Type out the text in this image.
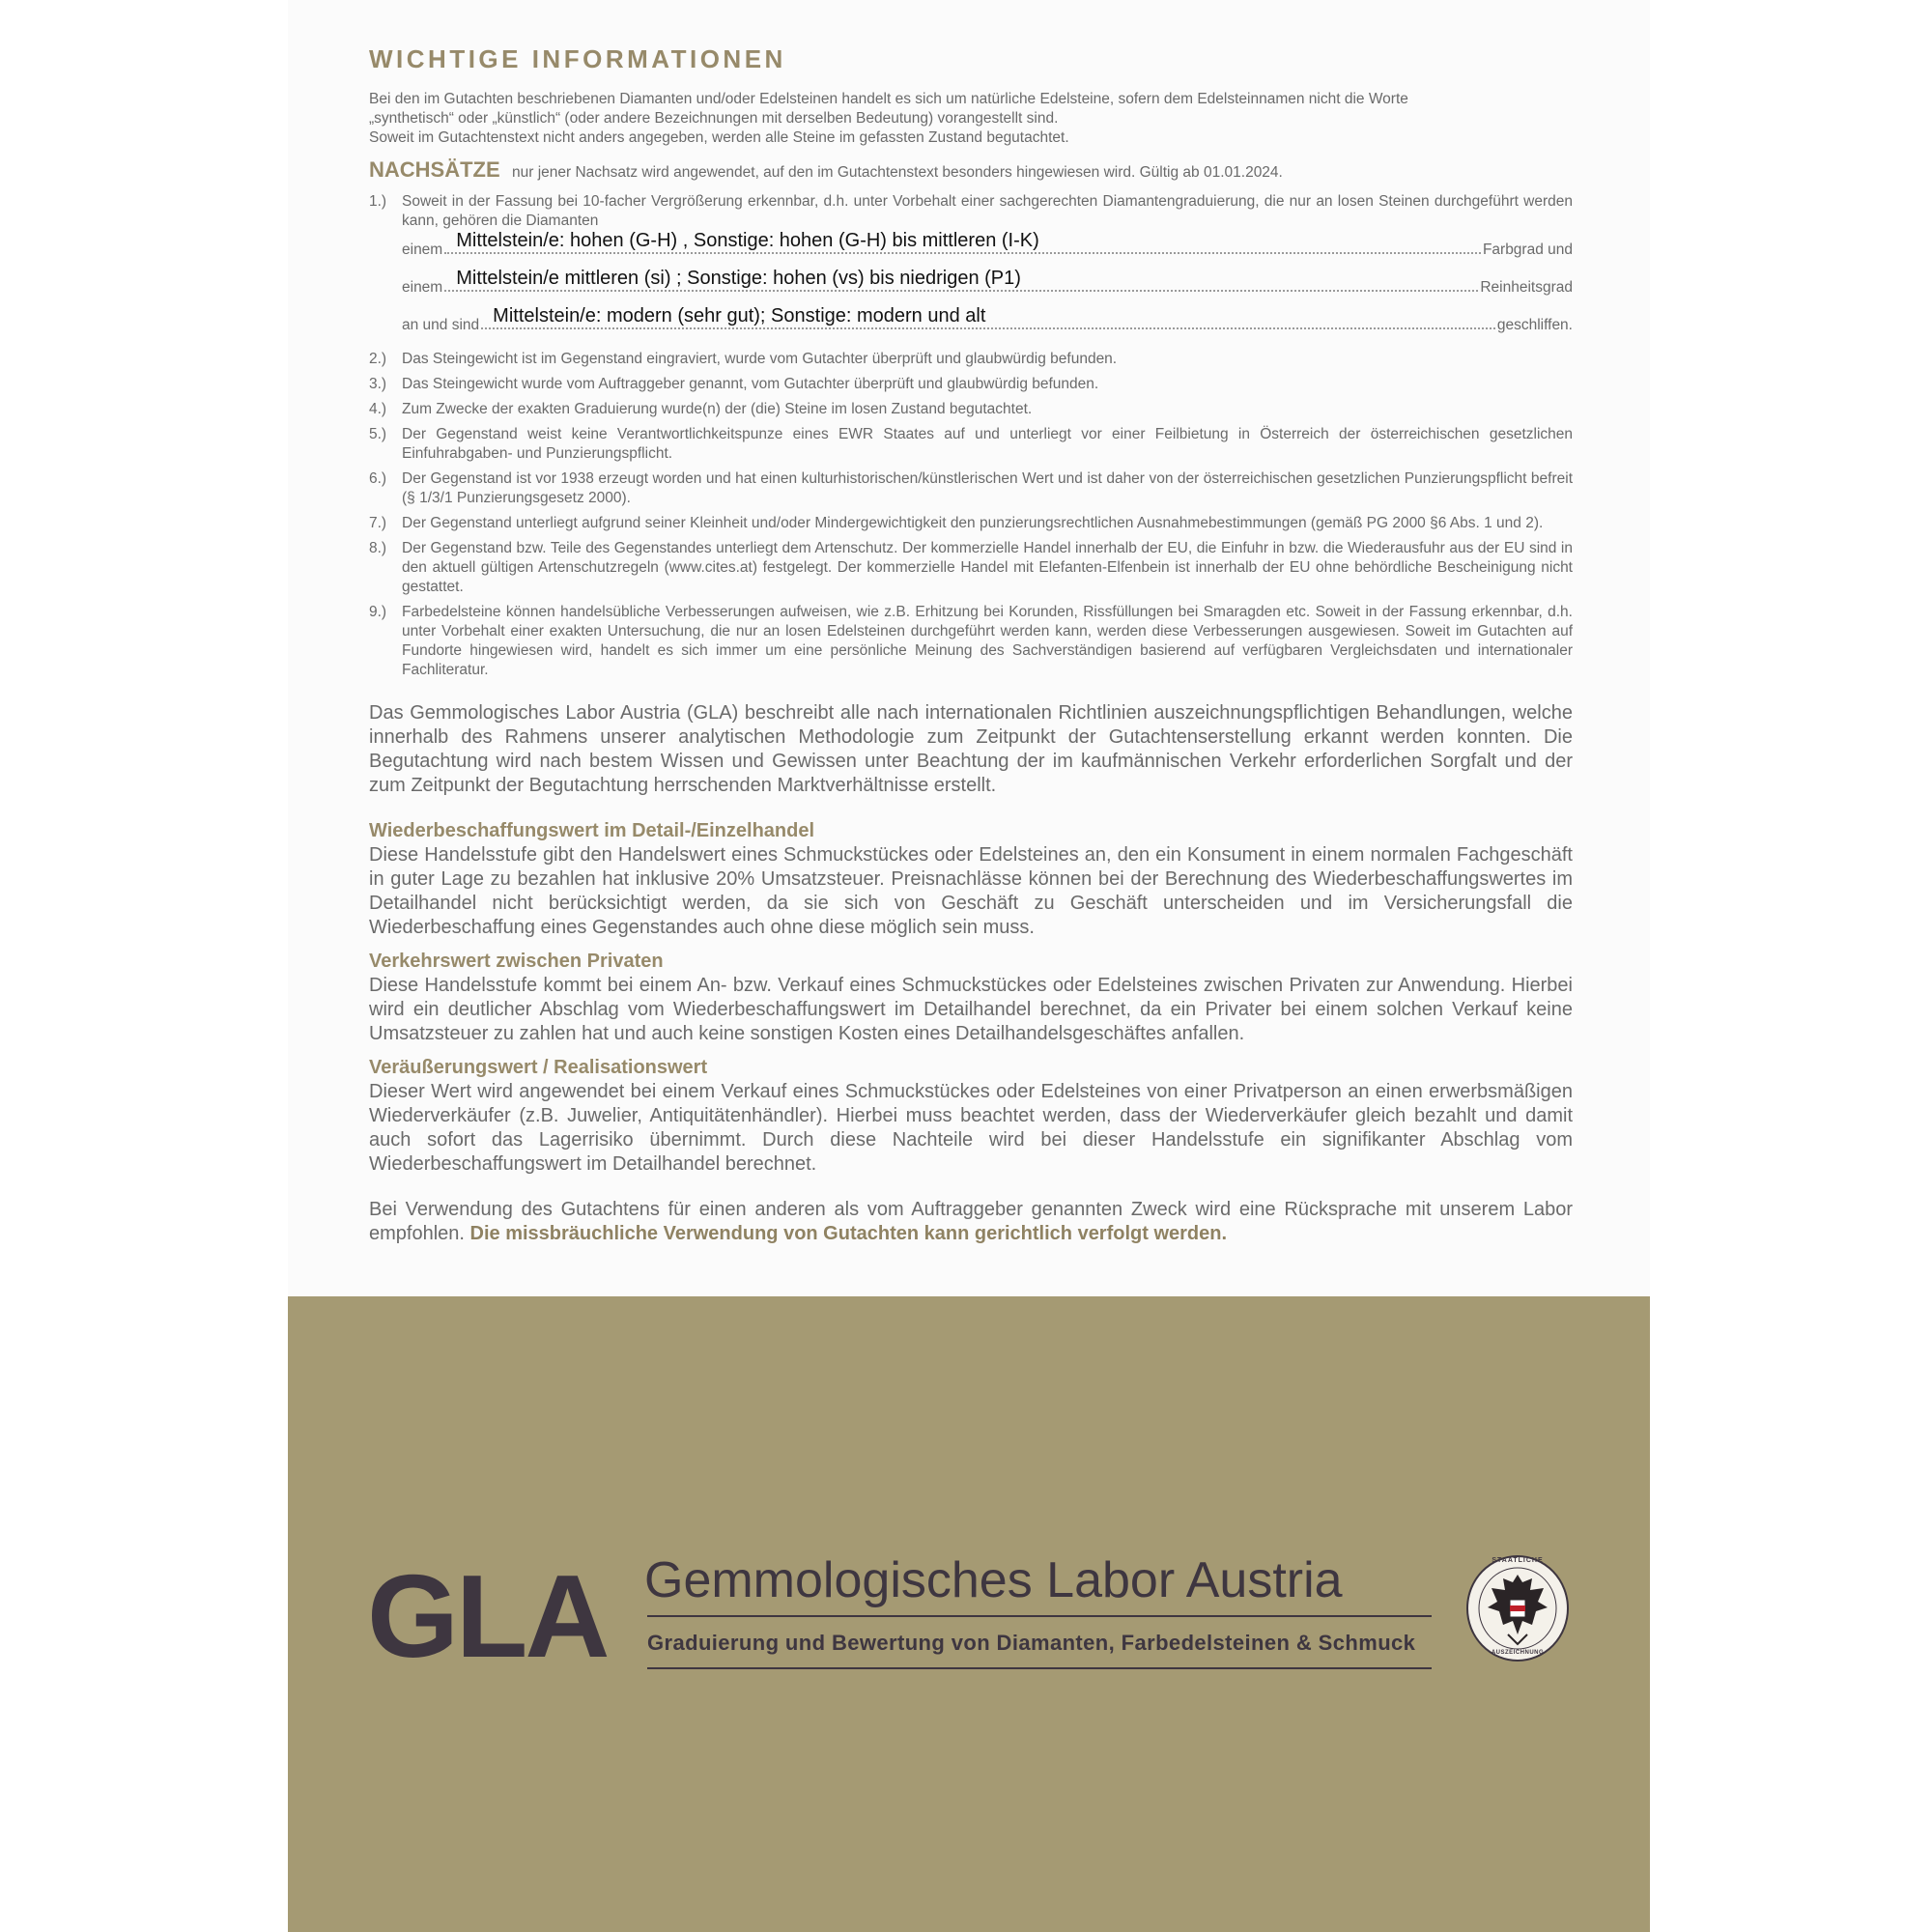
WICHTIGE INFORMATIONEN

Bei den im Gutachten beschriebenen Diamanten und/oder Edelsteinen handelt es sich um natürliche Edelsteine, sofern dem Edelsteinnamen nicht die Worte
„synthetisch“ oder „künstlich“ (oder andere Bezeichnungen mit derselben Bedeutung) vorangestellt sind.
Soweit im Gutachtenstext nicht anders angegeben, werden alle Steine im gefassten Zustand begutachtet.

NACHSÄTZE nur jener Nachsatz wird angewendet, auf den im Gutachtenstext besonders hingewiesen wird. Gültig ab 01.01.2024.
1.)	Soweit in der Fassung bei 10-facher Vergrößerung erkennbar, d.h. unter Vorbehalt einer sachgerechten Diamantengraduierung, die nur an losen Steinen durchgeführt werden kann, gehören die Diamanten
einem Mittelstein/e: hohen (G-H) , Sonstige: hohen (G-H) bis mittleren (I-K)	Farbgrad und
einem Mittelstein/e mittleren (si) ; Sonstige: hohen (vs) bis niedrigen (P1)	Reinheitsgrad
an und sind Mittelstein/e: modern (sehr gut); Sonstige: modern und alt	geschliffen.
2.)	Das Steingewicht ist im Gegenstand eingraviert, wurde vom Gutachter überprüft und glaubwürdig befunden.
3.)	Das Steingewicht wurde vom Auftraggeber genannt, vom Gutachter überprüft und glaubwürdig befunden.
4.)	Zum Zwecke der exakten Graduierung wurde(n) der (die) Steine im losen Zustand begutachtet.
5.)	Der Gegenstand weist keine Verantwortlichkeitspunze eines EWR Staates auf und unterliegt vor einer Feilbietung in Österreich der österreichischen gesetzlichen Einfuhrabgaben- und Punzierungspflicht.
6.)	Der Gegenstand ist vor 1938 erzeugt worden und hat einen kulturhistorischen/künstlerischen Wert und ist daher von der österreichischen gesetzlichen Punzierungspflicht befreit (§ 1/3/1 Punzierungsgesetz 2000).
7.)	Der Gegenstand unterliegt aufgrund seiner Kleinheit und/oder Mindergewichtigkeit den punzierungsrechtlichen Ausnahmebestimmungen (gemäß PG 2000 §6 Abs. 1 und 2).
8.)	Der Gegenstand bzw. Teile des Gegenstandes unterliegt dem Artenschutz. Der kommerzielle Handel innerhalb der EU, die Einfuhr in bzw. die Wiederausfuhr aus der EU sind in den aktuell gültigen Artenschutzregeln (www.cites.at) festgelegt. Der kommerzielle Handel mit Elefanten-Elfenbein ist innerhalb der EU ohne behördliche Bescheinigung nicht gestattet.
9.)	Farbedelsteine können handelsübliche Verbesserungen aufweisen, wie z.B. Erhitzung bei Korunden, Rissfüllungen bei Smaragden etc. Soweit in der Fassung erkennbar, d.h. unter Vorbehalt einer exakten Untersuchung, die nur an losen Edelsteinen durchgeführt werden kann, werden diese Verbesserungen ausgewiesen. Soweit im Gutachten auf Fundorte hingewiesen wird, handelt es sich immer um eine persönliche Meinung des Sachverständigen basierend auf verfügbaren Vergleichsdaten und internationaler Fachliteratur.

Das Gemmologisches Labor Austria (GLA) beschreibt alle nach internationalen Richtlinien auszeichnungspflichtigen Behandlungen, welche innerhalb des Rahmens unserer analytischen Methodologie zum Zeitpunkt der Gutachtenserstellung erkannt werden konnten. Die Begutachtung wird nach bestem Wissen und Gewissen unter Beachtung der im kaufmännischen Verkehr erforderlichen Sorgfalt und der zum Zeitpunkt der Begutachtung herrschenden Marktverhältnisse erstellt.

Wiederbeschaffungswert im Detail-/Einzelhandel

Diese Handelsstufe gibt den Handelswert eines Schmuckstückes oder Edelsteines an, den ein Konsument in einem normalen Fachgeschäft in guter Lage zu bezahlen hat inklusive 20% Umsatzsteuer. Preisnachlässe können bei der Berechnung des Wiederbeschaffungswertes im Detailhandel nicht berücksichtigt werden, da sie sich von Geschäft zu Geschäft unterscheiden und im Versicherungsfall die Wiederbeschaffung eines Gegenstandes auch ohne diese möglich sein muss.

Verkehrswert zwischen Privaten

Diese Handelsstufe kommt bei einem An- bzw. Verkauf eines Schmuckstückes oder Edelsteines zwischen Privaten zur Anwendung. Hierbei wird ein deutlicher Abschlag vom Wiederbeschaffungswert im Detailhandel berechnet, da ein Privater bei einem solchen Verkauf keine Umsatzsteuer zu zahlen hat und auch keine sonstigen Kosten eines Detailhandelsgeschäftes anfallen.

Veräußerungswert / Realisationswert

Dieser Wert wird angewendet bei einem Verkauf eines Schmuckstückes oder Edelsteines von einer Privatperson an einen erwerbsmäßigen Wiederverkäufer (z.B. Juwelier, Antiquitätenhändler). Hierbei muss beachtet werden, dass der Wiederverkäufer gleich bezahlt und damit auch sofort das Lagerrisiko übernimmt. Durch diese Nachteile wird bei dieser Handelsstufe ein signifikanter Abschlag vom Wiederbeschaffungswert im Detailhandel berechnet.

Bei Verwendung des Gutachtens für einen anderen als vom Auftraggeber genannten Zweck wird eine Rücksprache mit unserem Labor empfohlen. Die missbräuchliche Verwendung von Gutachten kann gerichtlich verfolgt werden.

GLA Gemmologisches Labor Austria
Graduierung und Bewertung von Diamanten, Farbedelsteinen & Schmuck
STAATLICHE
AUSZEICHNUNG
